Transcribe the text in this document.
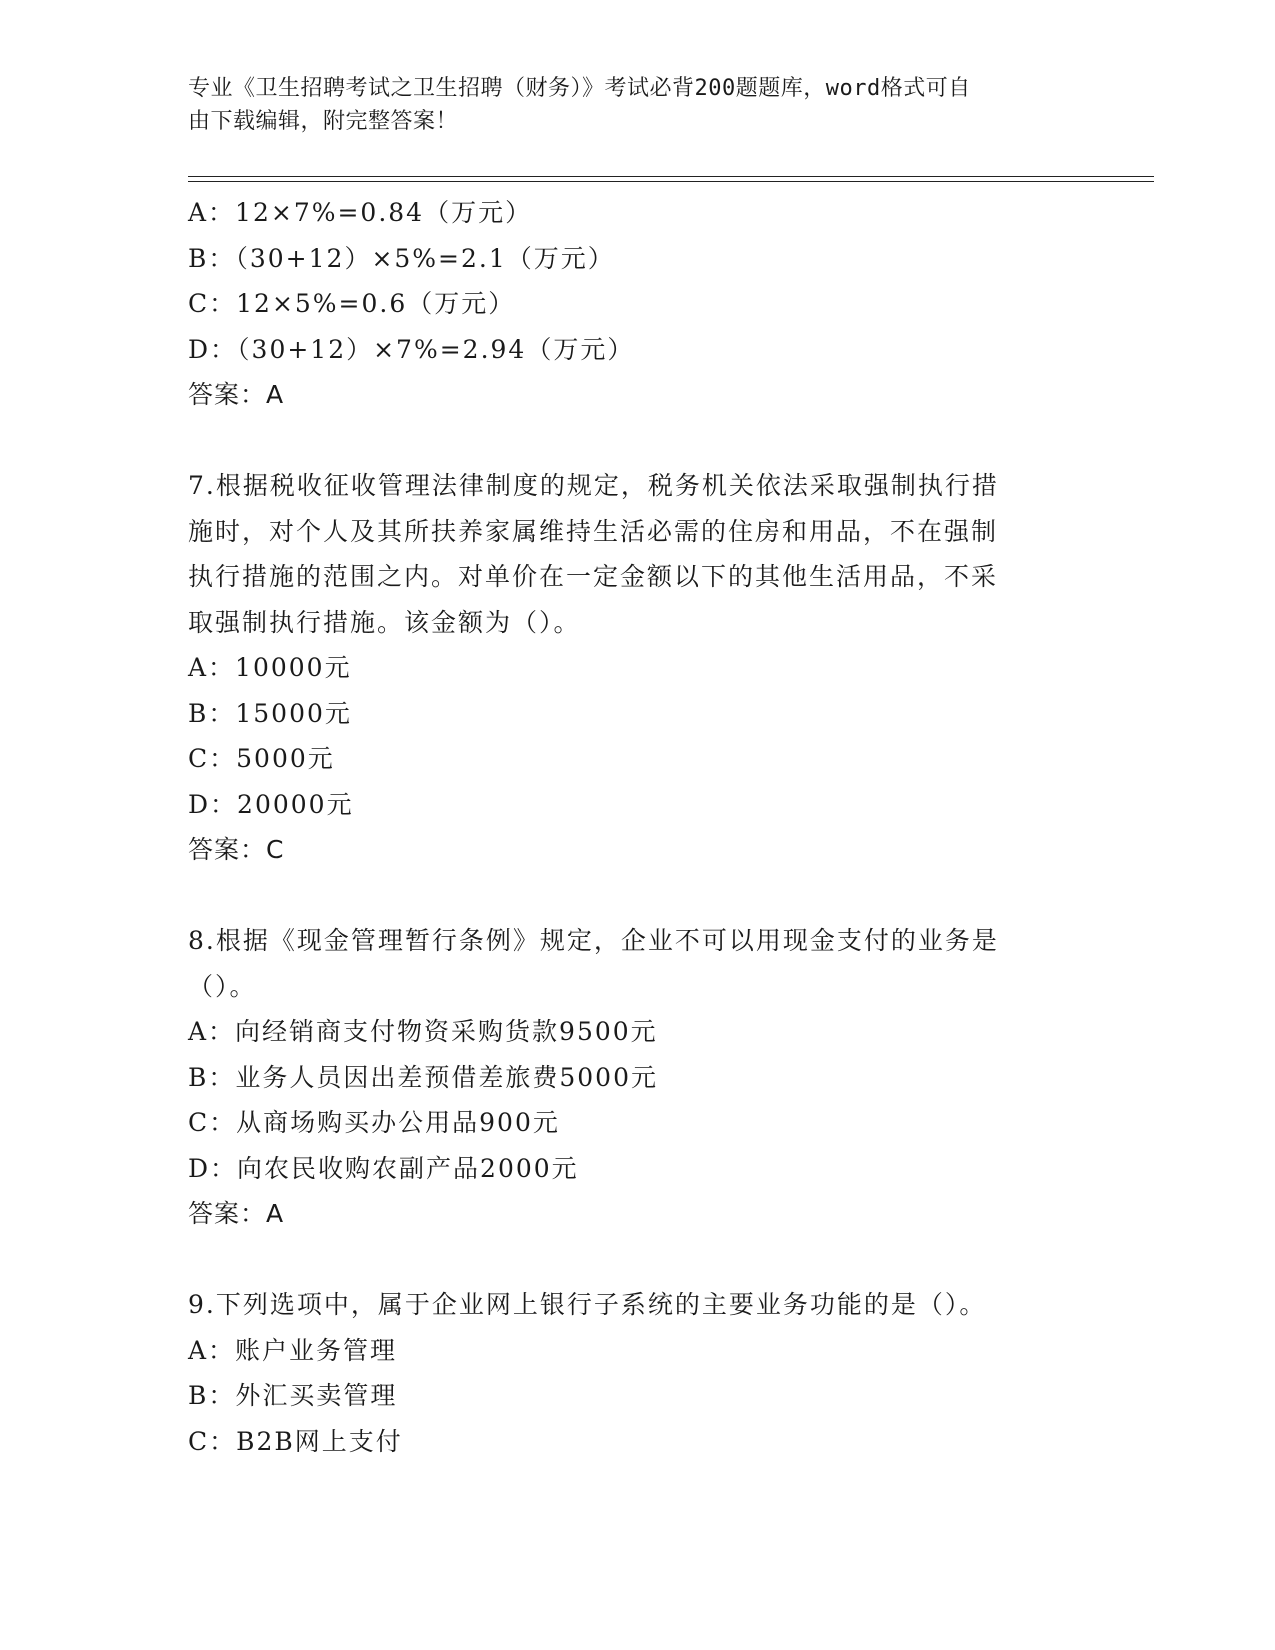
专业《卫生招聘考试之卫生招聘（财务）》考试必背200题题库，word格式可自
由下载编辑，附完整答案！
A：12×7%=0.84（万元）
B：（30+12）×5%=2.1（万元）
C：12×5%=0.6（万元）
D：（30+12）×7%=2.94（万元）
答案：A
7.根据税收征收管理法律制度的规定，税务机关依法采取强制执行措
施时，对个人及其所扶养家属维持生活必需的住房和用品，不在强制
执行措施的范围之内。对单价在一定金额以下的其他生活用品，不采
取强制执行措施。该金额为（）。
A：10000元
B：15000元
C：5000元
D：20000元
答案：C
8.根据《现金管理暂行条例》规定，企业不可以用现金支付的业务是
（）。
A：向经销商支付物资采购货款9500元
B：业务人员因出差预借差旅费5000元
C：从商场购买办公用品900元
D：向农民收购农副产品2000元
答案：A
9.下列选项中，属于企业网上银行子系统的主要业务功能的是（）。
A：账户业务管理
B：外汇买卖管理
C：B2B网上支付
